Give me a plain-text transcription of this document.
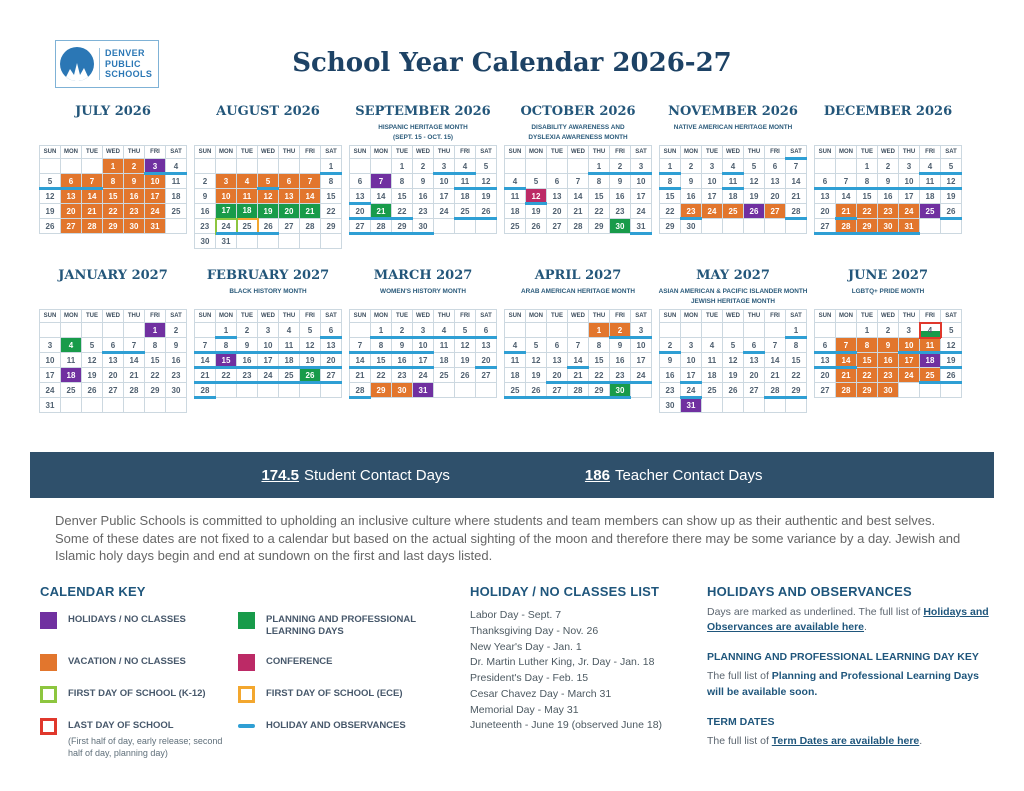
DENVER
PUBLIC
SCHOOLS	School Year Calendar 2026-27
JULY 2026
SUN	MON	TUE	WED	THU	FRI	SAT
			1	2	3	4
5	6	7	8	9	10	11
12	13	14	15	16	17	18
19	20	21	22	23	24	25
26	27	28	29	30	31	
AUGUST 2026
SUN	MON	TUE	WED	THU	FRI	SAT
						1
2	3	4	5	6	7	8
9	10	11	12	13	14	15
16	17	18	19	20	21	22
23	24	25	26	27	28	29
30	31					
SEPTEMBER 2026
HISPANIC HERITAGE MONTH
(SEPT. 15 - OCT. 15)
SUN	MON	TUE	WED	THU	FRI	SAT
		1	2	3	4	5
6	7	8	9	10	11	12
13	14	15	16	17	18	19
20	21	22	23	24	25	26
27	28	29	30			
OCTOBER 2026
DISABILITY AWARENESS AND
DYSLEXIA AWARENESS MONTH
SUN	MON	TUE	WED	THU	FRI	SAT
				1	2	3
4	5	6	7	8	9	10
11	12	13	14	15	16	17
18	19	20	21	22	23	24
25	26	27	28	29	30	31
NOVEMBER 2026
NATIVE AMERICAN HERITAGE MONTH
SUN	MON	TUE	WED	THU	FRI	SAT
1	2	3	4	5	6	7
8	9	10	11	12	13	14
15	16	17	18	19	20	21
22	23	24	25	26	27	28
29	30					
DECEMBER 2026
SUN	MON	TUE	WED	THU	FRI	SAT
		1	2	3	4	5
6	7	8	9	10	11	12
13	14	15	16	17	18	19
20	21	22	23	24	25	26
27	28	29	30	31		
JANUARY 2027
SUN	MON	TUE	WED	THU	FRI	SAT
					1	2
3	4	5	6	7	8	9
10	11	12	13	14	15	16
17	18	19	20	21	22	23
24	25	26	27	28	29	30
31						
FEBRUARY 2027
BLACK HISTORY MONTH
SUN	MON	TUE	WED	THU	FRI	SAT
	1	2	3	4	5	6
7	8	9	10	11	12	13
14	15	16	17	18	19	20
21	22	23	24	25	26	27
28						
MARCH 2027
WOMEN'S HISTORY MONTH
SUN	MON	TUE	WED	THU	FRI	SAT
	1	2	3	4	5	6
7	8	9	10	11	12	13
14	15	16	17	18	19	20
21	22	23	24	25	26	27
28	29	30	31			
APRIL 2027
ARAB AMERICAN HERITAGE MONTH
SUN	MON	TUE	WED	THU	FRI	SAT
				1	2	3
4	5	6	7	8	9	10
11	12	13	14	15	16	17
18	19	20	21	22	23	24
25	26	27	28	29	30	
MAY 2027
ASIAN AMERICAN & PACIFIC ISLANDER MONTH
JEWISH HERITAGE MONTH
SUN	MON	TUE	WED	THU	FRI	SAT
						1
2	3	4	5	6	7	8
9	10	11	12	13	14	15
16	17	18	19	20	21	22
23	24	25	26	27	28	29
30	31					
JUNE 2027
LGBTQ+ PRIDE MONTH
SUN	MON	TUE	WED	THU	FRI	SAT
		1	2	3	4	5
6	7	8	9	10	11	12
13	14	15	16	17	18	19
20	21	22	23	24	25	26
27	28	29	30			
174.5 Student Contact Days	186 Teacher Contact Days
Denver Public Schools is committed to upholding an inclusive culture where students and team members can show up as their authentic and best selves. Some of these dates are not fixed to a calendar but based on the actual sighting of the moon and therefore there may be some variance by a day. Jewish and Islamic holy days begin and end at sundown on the first and last days listed.
CALENDAR KEY
HOLIDAYS / NO CLASSES	PLANNING AND PROFESSIONAL LEARNING DAYS
VACATION / NO CLASSES	CONFERENCE
FIRST DAY OF SCHOOL (K-12)	FIRST DAY OF SCHOOL (ECE)
LAST DAY OF SCHOOL
(First half of day, early release; second half of day, planning day)
HOLIDAY AND OBSERVANCES
HOLIDAY / NO CLASSES LIST
Labor Day - Sept. 7
Thanksgiving Day - Nov. 26
New Year's Day - Jan. 1
Dr. Martin Luther King, Jr. Day - Jan. 18
President's Day - Feb. 15
Cesar Chavez Day - March 31
Memorial Day - May 31
Juneteenth - June 19 (observed June 18)
HOLIDAYS AND OBSERVANCES

Days are marked as underlined. The full list of Holidays and Observances are available here.

PLANNING AND PROFESSIONAL LEARNING DAY KEY

The full list of Planning and Professional Learning Days will be available soon.

TERM DATES

The full list of Term Dates are available here.
